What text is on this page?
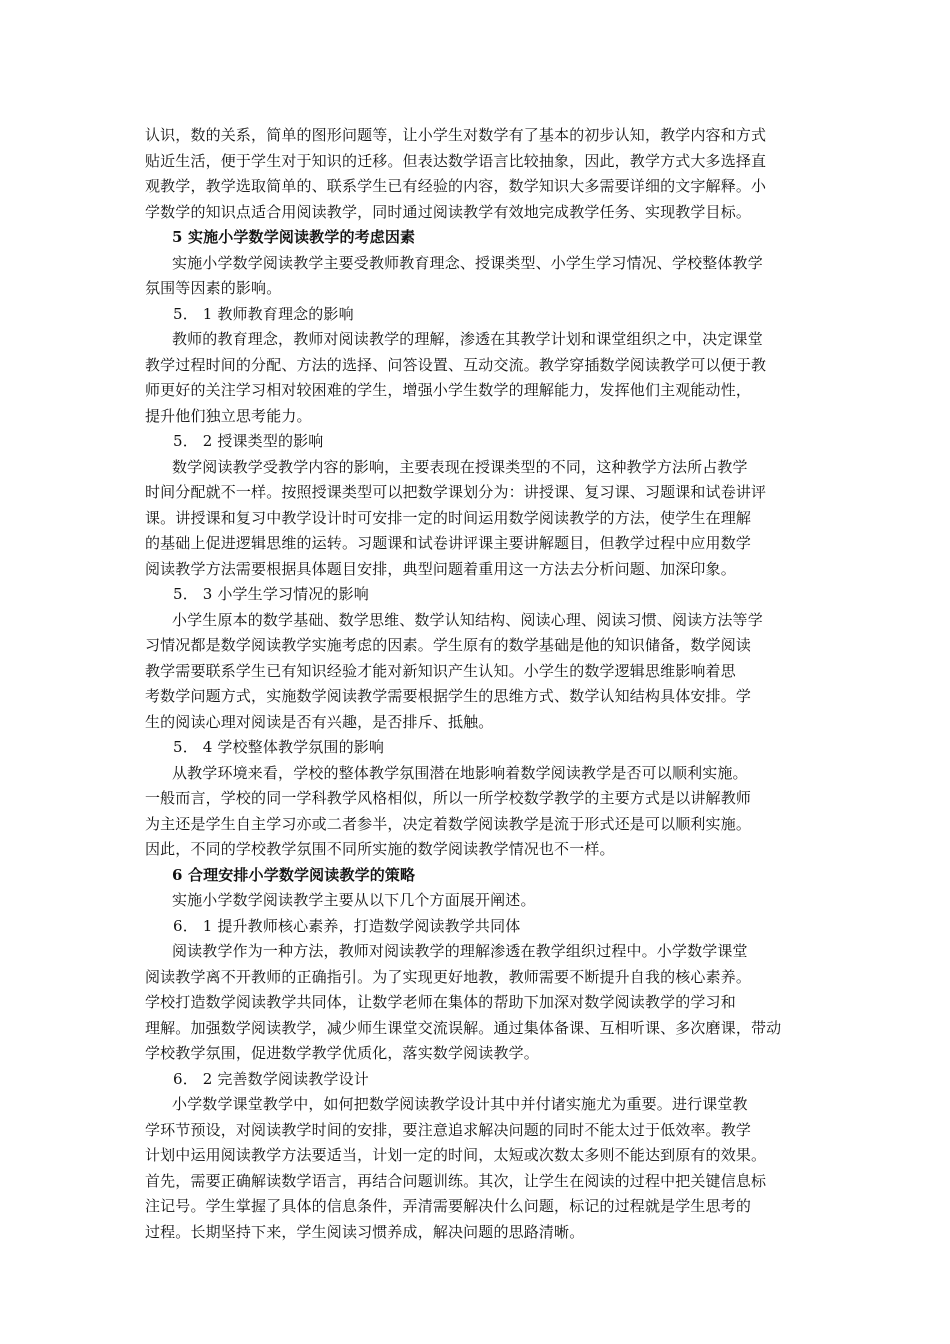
认识，数的关系，简单的图形问题等，让小学生对数学有了基本的初步认知，教学内容和方式
贴近生活，便于学生对于知识的迁移。但表达数学语言比较抽象，因此，教学方式大多选择直
观教学，教学选取简单的、联系学生已有经验的内容，数学知识大多需要详细的文字解释。小
学数学的知识点适合用阅读教学，同时通过阅读教学有效地完成教学任务、实现教学目标。
5 实施小学数学阅读教学的考虑因素
实施小学数学阅读教学主要受教师教育理念、授课类型、小学生学习情况、学校整体教学
氛围等因素的影响。
5． 1 教师教育理念的影响
教师的教育理念，教师对阅读教学的理解，渗透在其教学计划和课堂组织之中，决定课堂
教学过程时间的分配、方法的选择、问答设置、互动交流。教学穿插数学阅读教学可以便于教
师更好的关注学习相对较困难的学生，增强小学生数学的理解能力，发挥他们主观能动性，
提升他们独立思考能力。
5． 2 授课类型的影响
数学阅读教学受教学内容的影响，主要表现在授课类型的不同，这种教学方法所占教学
时间分配就不一样。按照授课类型可以把数学课划分为：讲授课、复习课、习题课和试卷讲评
课。讲授课和复习中教学设计时可安排一定的时间运用数学阅读教学的方法，使学生在理解
的基础上促进逻辑思维的运转。习题课和试卷讲评课主要讲解题目，但教学过程中应用数学
阅读教学方法需要根据具体题目安排，典型问题着重用这一方法去分析问题、加深印象。
5． 3 小学生学习情况的影响
小学生原本的数学基础、数学思维、数学认知结构、阅读心理、阅读习惯、阅读方法等学
习情况都是数学阅读教学实施考虑的因素。学生原有的数学基础是他的知识储备，数学阅读
教学需要联系学生已有知识经验才能对新知识产生认知。小学生的数学逻辑思维影响着思
考数学问题方式，实施数学阅读教学需要根据学生的思维方式、数学认知结构具体安排。学
生的阅读心理对阅读是否有兴趣，是否排斥、抵触。
5． 4 学校整体教学氛围的影响
从教学环境来看，学校的整体教学氛围潜在地影响着数学阅读教学是否可以顺利实施。
一般而言，学校的同一学科教学风格相似，所以一所学校数学教学的主要方式是以讲解教师
为主还是学生自主学习亦或二者参半，决定着数学阅读教学是流于形式还是可以顺利实施。
因此，不同的学校教学氛围不同所实施的数学阅读教学情况也不一样。
6 合理安排小学数学阅读教学的策略
实施小学数学阅读教学主要从以下几个方面展开阐述。
6． 1 提升教师核心素养，打造数学阅读教学共同体
阅读教学作为一种方法，教师对阅读教学的理解渗透在教学组织过程中。小学数学课堂
阅读教学离不开教师的正确指引。为了实现更好地教，教师需要不断提升自我的核心素养。
学校打造数学阅读教学共同体，让数学老师在集体的帮助下加深对数学阅读教学的学习和
理解。加强数学阅读教学，减少师生课堂交流误解。通过集体备课、互相听课、多次磨课，带动
学校教学氛围，促进数学教学优质化，落实数学阅读教学。
6． 2 完善数学阅读教学设计
小学数学课堂教学中，如何把数学阅读教学设计其中并付诸实施尤为重要。进行课堂教
学环节预设，对阅读教学时间的安排，要注意追求解决问题的同时不能太过于低效率。教学
计划中运用阅读教学方法要适当，计划一定的时间，太短或次数太多则不能达到原有的效果。
首先，需要正确解读数学语言，再结合问题训练。其次，让学生在阅读的过程中把关键信息标
注记号。学生掌握了具体的信息条件，弄清需要解决什么问题，标记的过程就是学生思考的
过程。长期坚持下来，学生阅读习惯养成，解决问题的思路清晰。
